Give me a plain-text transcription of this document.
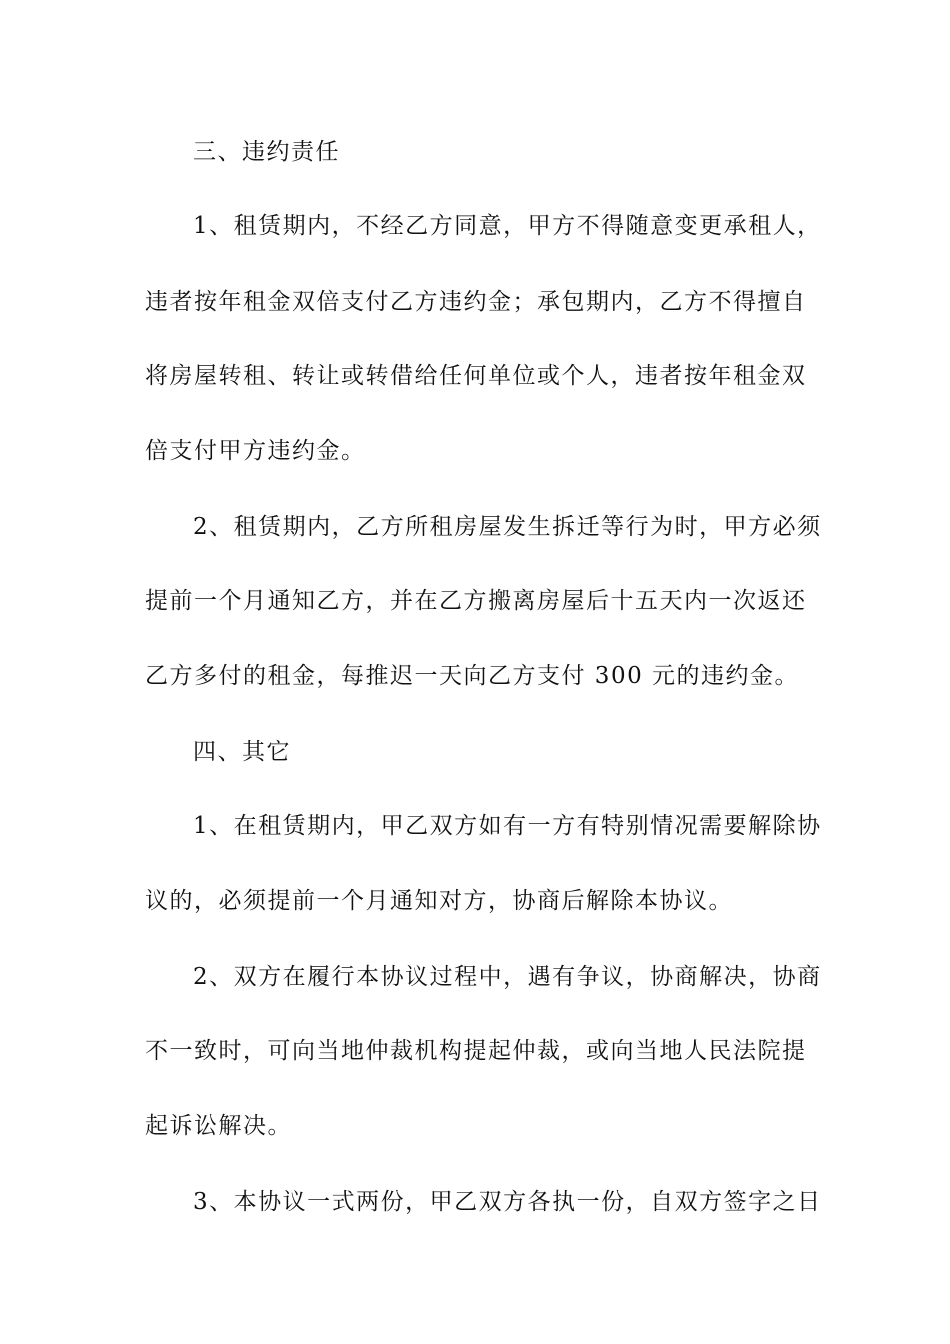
三、违约责任
1、租赁期内，不经乙方同意，甲方不得随意变更承租人，
违者按年租金双倍支付乙方违约金；承包期内，乙方不得擅自
将房屋转租、转让或转借给任何单位或个人，违者按年租金双
倍支付甲方违约金。
2、租赁期内，乙方所租房屋发生拆迁等行为时，甲方必须
提前一个月通知乙方，并在乙方搬离房屋后十五天内一次返还
乙方多付的租金，每推迟一天向乙方支付 300 元的违约金。
四、其它
1、在租赁期内，甲乙双方如有一方有特别情况需要解除协
议的，必须提前一个月通知对方，协商后解除本协议。
2、双方在履行本协议过程中，遇有争议，协商解决，协商
不一致时，可向当地仲裁机构提起仲裁，或向当地人民法院提
起诉讼解决。
3、本协议一式两份，甲乙双方各执一份，自双方签字之日
